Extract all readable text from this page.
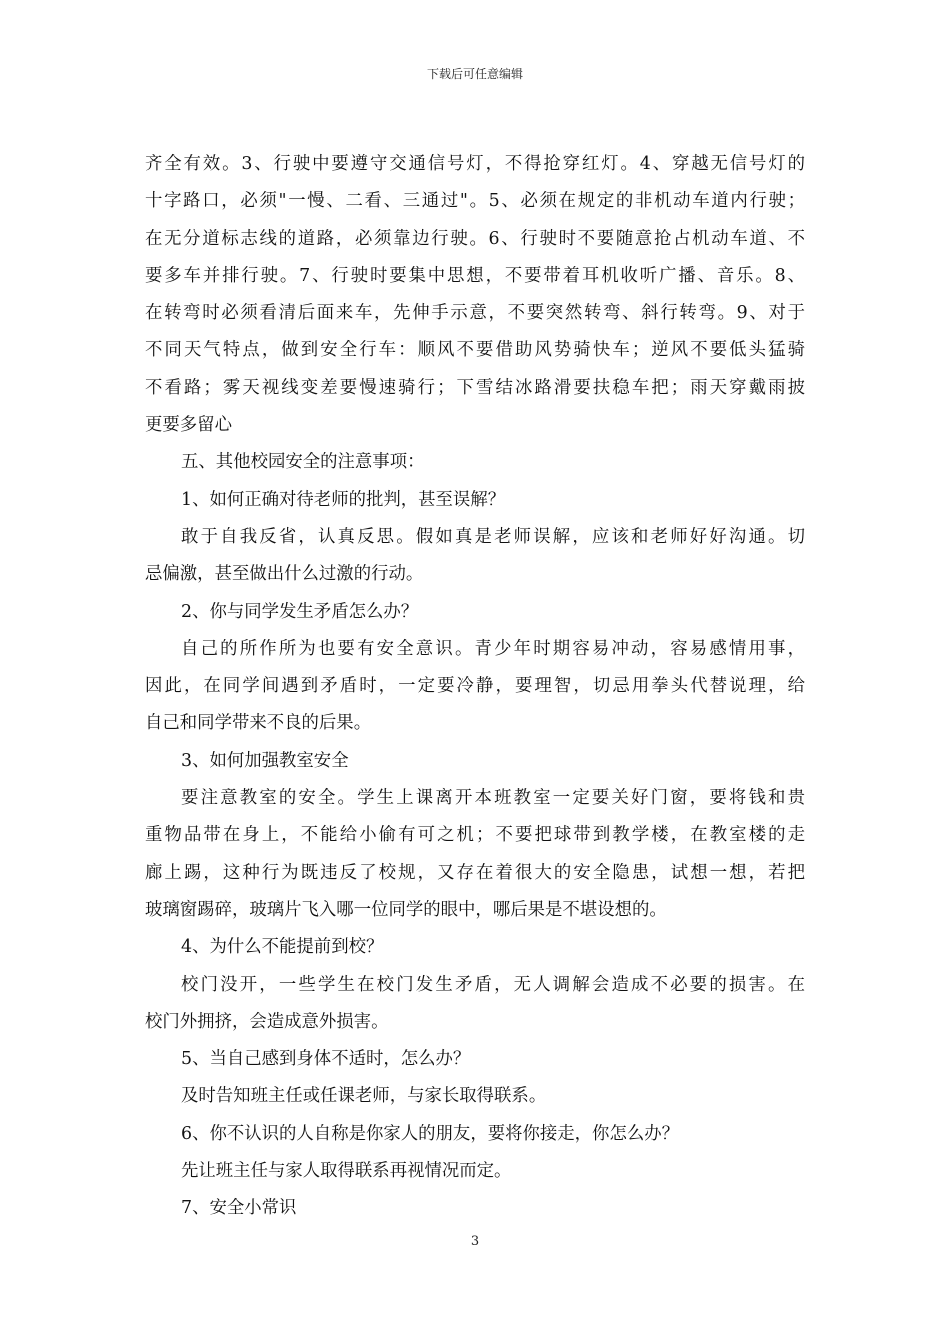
下载后可任意编辑
齐全有效。3、行驶中要遵守交通信号灯，不得抢穿红灯。4、穿越无信号灯的
十字路口，必须"一慢、二看、三通过"。5、必须在规定的非机动车道内行驶；
在无分道标志线的道路，必须靠边行驶。6、行驶时不要随意抢占机动车道、不
要多车并排行驶。7、行驶时要集中思想，不要带着耳机收听广播、音乐。8、
在转弯时必须看清后面来车，先伸手示意，不要突然转弯、斜行转弯。9、对于
不同天气特点，做到安全行车：顺风不要借助风势骑快车；逆风不要低头猛骑
不看路；雾天视线变差要慢速骑行；下雪结冰路滑要扶稳车把；雨天穿戴雨披
更要多留心
五、其他校园安全的注意事项：
1、如何正确对待老师的批判，甚至误解？
敢于自我反省，认真反思。假如真是老师误解，应该和老师好好沟通。切
忌偏激，甚至做出什么过激的行动。
2、你与同学发生矛盾怎么办？
自己的所作所为也要有安全意识。青少年时期容易冲动，容易感情用事，
因此，在同学间遇到矛盾时，一定要冷静，要理智，切忌用拳头代替说理，给
自己和同学带来不良的后果。
3、如何加强教室安全
要注意教室的安全。学生上课离开本班教室一定要关好门窗，要将钱和贵
重物品带在身上，不能给小偷有可之机；不要把球带到教学楼，在教室楼的走
廊上踢，这种行为既违反了校规，又存在着很大的安全隐患，试想一想，若把
玻璃窗踢碎，玻璃片飞入哪一位同学的眼中，哪后果是不堪设想的。
4、为什么不能提前到校？
校门没开，一些学生在校门发生矛盾，无人调解会造成不必要的损害。在
校门外拥挤，会造成意外损害。
5、当自己感到身体不适时，怎么办？
及时告知班主任或任课老师，与家长取得联系。
6、你不认识的人自称是你家人的朋友，要将你接走，你怎么办？
先让班主任与家人取得联系再视情况而定。
7、安全小常识
3
